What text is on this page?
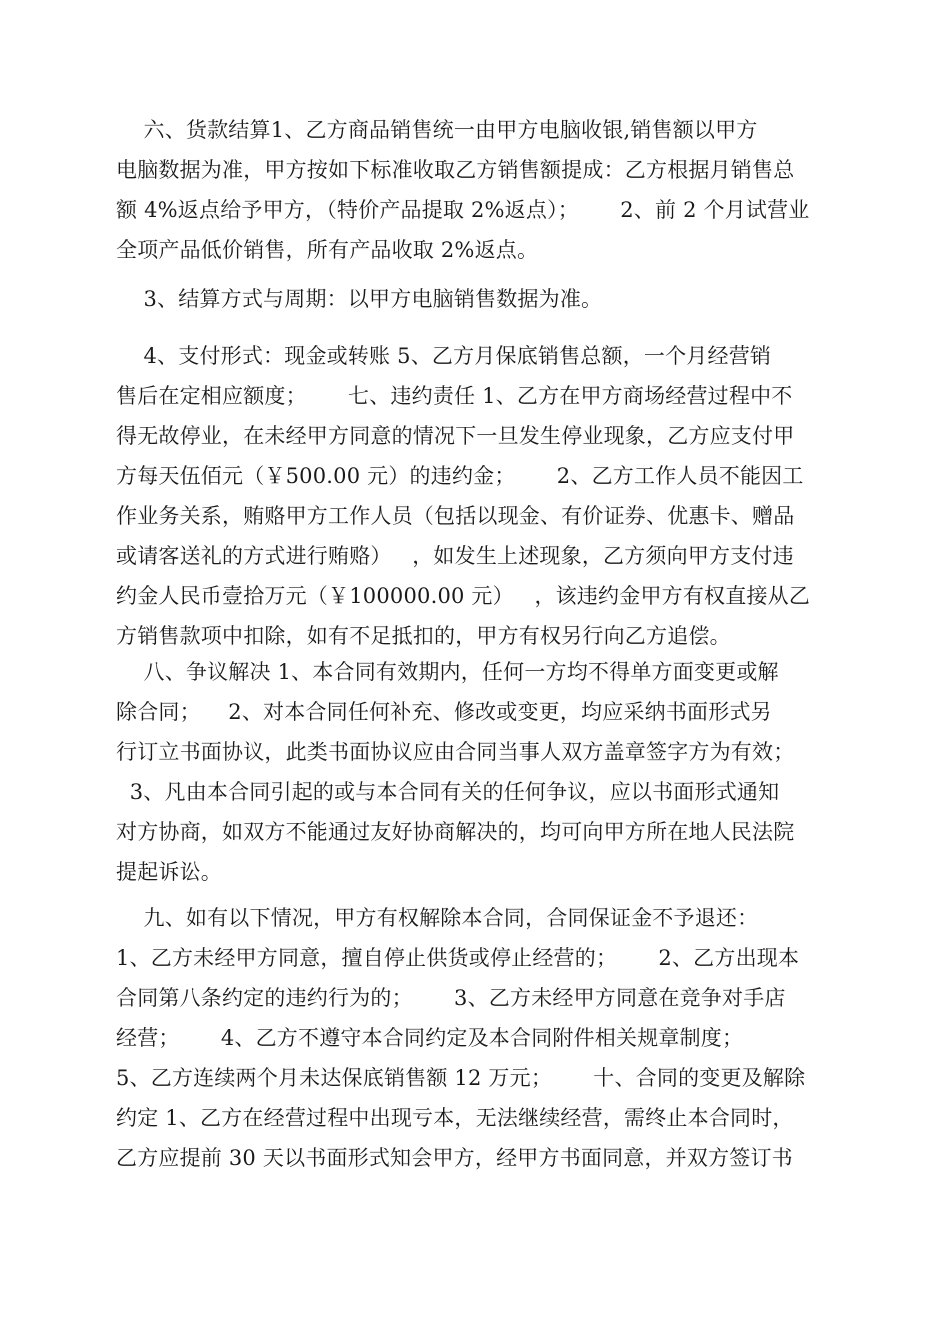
六、货款结算1、乙方商品销售统一由甲方电脑收银,销售额以甲方
电脑数据为准，甲方按如下标准收取乙方销售额提成：乙方根据月销售总
额 4%返点给予甲方，（特价产品提取 2%返点）；      2、前 2 个月试营业
全项产品低价销售，所有产品收取 2%返点。
3、结算方式与周期：以甲方电脑销售数据为准。
4、支付形式：现金或转账 5、乙方月保底销售总额，一个月经营销
售后在定相应额度；      七、违约责任 1、乙方在甲方商场经营过程中不
得无故停业，在未经甲方同意的情况下一旦发生停业现象，乙方应支付甲
方每天伍佰元（￥500.00 元）的违约金；      2、乙方工作人员不能因工
作业务关系，贿赂甲方工作人员（包括以现金、有价证券、优惠卡、赠品
或请客送礼的方式进行贿赂）   ，如发生上述现象，乙方须向甲方支付违
约金人民币壹拾万元（￥100000.00 元）   ，该违约金甲方有权直接从乙
方销售款项中扣除，如有不足抵扣的，甲方有权另行向乙方追偿。
八、争议解决 1、本合同有效期内，任何一方均不得单方面变更或解
除合同；    2、对本合同任何补充、修改或变更，均应采纳书面形式另
行订立书面协议，此类书面协议应由合同当事人双方盖章签字方为有效；
3、凡由本合同引起的或与本合同有关的任何争议，应以书面形式通知
对方协商，如双方不能通过友好协商解决的，均可向甲方所在地人民法院
提起诉讼。
九、如有以下情况，甲方有权解除本合同，合同保证金不予退还：
1、乙方未经甲方同意，擅自停止供货或停止经营的；      2、乙方出现本
合同第八条约定的违约行为的；      3、乙方未经甲方同意在竞争对手店
经营；      4、乙方不遵守本合同约定及本合同附件相关规章制度；
5、乙方连续两个月未达保底销售额 12 万元；      十、合同的变更及解除
约定 1、乙方在经营过程中出现亏本，无法继续经营，需终止本合同时，
乙方应提前 30 天以书面形式知会甲方，经甲方书面同意，并双方签订书
